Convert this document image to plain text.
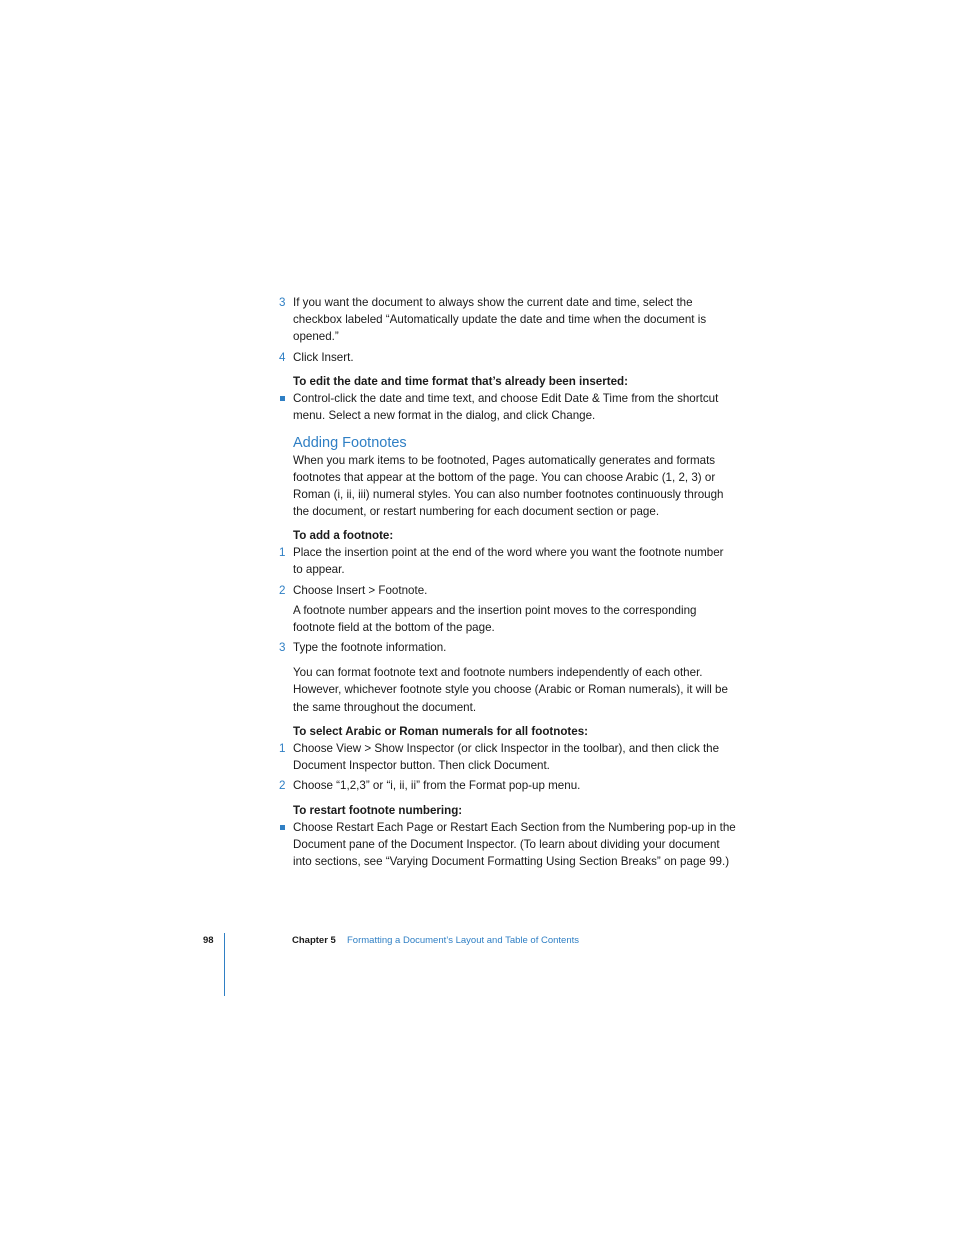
3 If you want the document to always show the current date and time, select the
checkbox labeled “Automatically update the date and time when the document is
opened.”
4 Click Insert.
To edit the date and time format that’s already been inserted:
Control-click the date and time text, and choose Edit Date & Time from the shortcut
menu. Select a new format in the dialog, and click Change.
Adding Footnotes
When you mark items to be footnoted, Pages automatically generates and formats
footnotes that appear at the bottom of the page. You can choose Arabic (1, 2, 3) or
Roman (i, ii, iii) numeral styles. You can also number footnotes continuously through
the document, or restart numbering for each document section or page.
To add a footnote:
1 Place the insertion point at the end of the word where you want the footnote number
to appear.
2 Choose Insert > Footnote.
A footnote number appears and the insertion point moves to the corresponding
footnote field at the bottom of the page.
3 Type the footnote information.
You can format footnote text and footnote numbers independently of each other.
However, whichever footnote style you choose (Arabic or Roman numerals), it will be
the same throughout the document.
To select Arabic or Roman numerals for all footnotes:
1 Choose View > Show Inspector (or click Inspector in the toolbar), and then click the
Document Inspector button. Then click Document.
2 Choose “1,2,3” or “i, ii, ii” from the Format pop-up menu.
To restart footnote numbering:
Choose Restart Each Page or Restart Each Section from the Numbering pop-up in the
Document pane of the Document Inspector. (To learn about dividing your document
into sections, see “Varying Document Formatting Using Section Breaks” on page 99.)
98	Chapter 5 Formatting a Document’s Layout and Table of Contents
